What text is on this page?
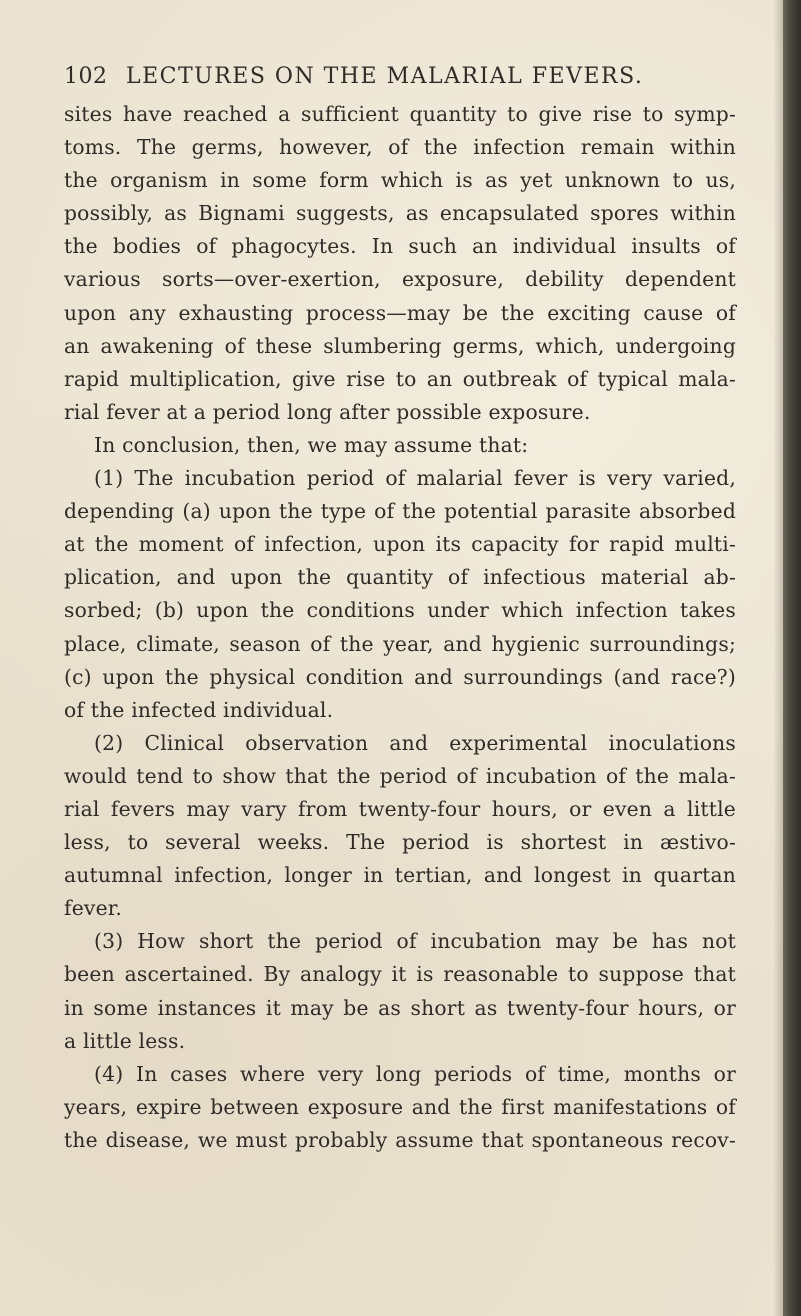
102 LECTURES ON THE MALARIAL FEVERS.
sites have reached a sufficient quantity to give rise to symp-
toms. The germs, however, of the infection remain within
the organism in some form which is as yet unknown to us,
possibly, as Bignami suggests, as encapsulated spores within
the bodies of phagocytes. In such an individual insults of
various sorts—over-exertion, exposure, debility dependent
upon any exhausting process—may be the exciting cause of
an awakening of these slumbering germs, which, undergoing
rapid multiplication, give rise to an outbreak of typical mala-
rial fever at a period long after possible exposure.
In conclusion, then, we may assume that:
(1) The incubation period of malarial fever is very varied,
depending (a) upon the type of the potential parasite absorbed
at the moment of infection, upon its capacity for rapid multi-
plication, and upon the quantity of infectious material ab-
sorbed; (b) upon the conditions under which infection takes
place, climate, season of the year, and hygienic surroundings;
(c) upon the physical condition and surroundings (and race?)
of the infected individual.
(2) Clinical observation and experimental inoculations
would tend to show that the period of incubation of the mala-
rial fevers may vary from twenty-four hours, or even a little
less, to several weeks. The period is shortest in æstivo-
autumnal infection, longer in tertian, and longest in quartan
fever.
(3) How short the period of incubation may be has not
been ascertained. By analogy it is reasonable to suppose that
in some instances it may be as short as twenty-four hours, or
a little less.
(4) In cases where very long periods of time, months or
years, expire between exposure and the first manifestations of
the disease, we must probably assume that spontaneous recov-
